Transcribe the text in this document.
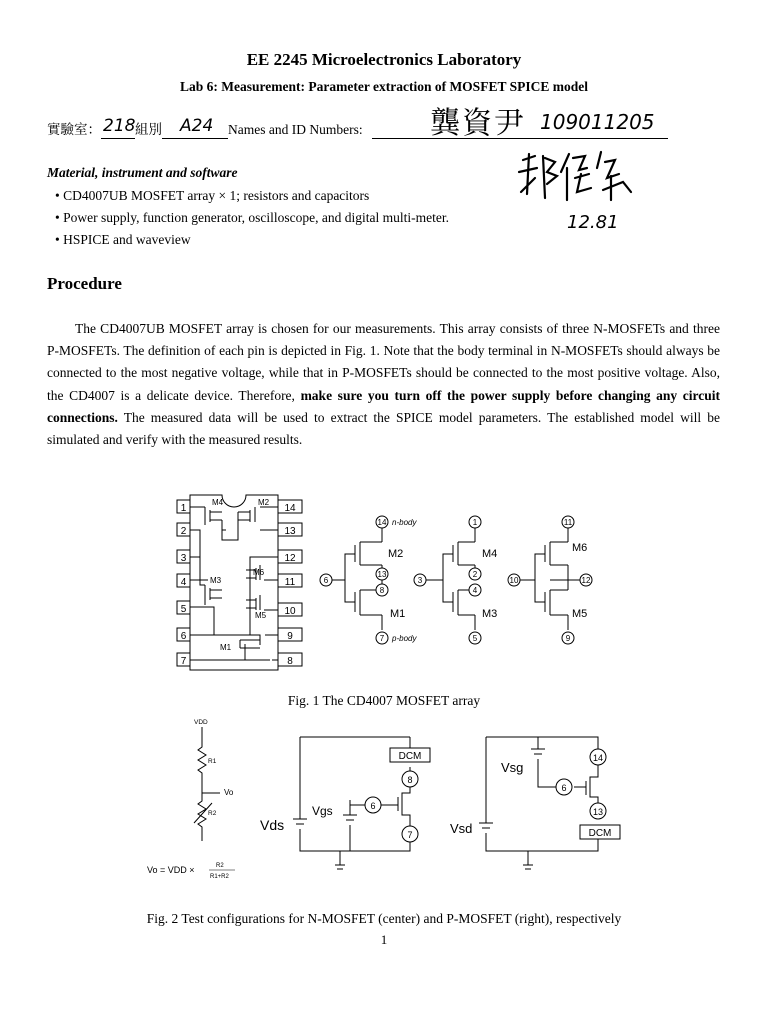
EE 2245 Microelectronics Laboratory
Lab 6: Measurement: Parameter extraction of MOSFET SPICE model
實驗室： 218 組別 A24 Names and ID Numbers:	龔資尹 109011205
12.81
Material, instrument and software
• CD4007UB MOSFET array × 1; resistors and capacitors
• Power supply, function generator, oscilloscope, and digital multi-meter.
• HSPICE and waveview
Procedure

The CD4007UB MOSFET array is chosen for our measurements. This array consists of three N-MOSFETs and three P-MOSFETs. The definition of each pin is depicted in Fig. 1. Note that the body terminal in N-MOSFETs should always be connected to the most negative voltage, while that in P-MOSFETs should be connected to the most positive voltage. Also, the CD4007 is a delicate device. Therefore, make sure you turn off the power supply before changing any circuit connections. The measured data will be used to extract the SPICE model parameters. The established model will be simulated and verify with the measured results.

1
2
3
4
5
6
7
14
13
12
11
10
9
8
M4	M2
M3
M6
M5
M1
14 n-body
13
6
8
7 p-body
M2
M1
1
2
3
4
5
M4
M3
11
10	12
9
M6
M5
Fig. 1 The CD4007 MOSFET array
VDD
R1
Vo
R2
Vo = VDD ×	R2
R1+R2
DCM
8
6
7
Vds
Vgs
14
6
13
DCM
Vsg
Vsd
Fig. 2 Test configurations for N-MOSFET (center) and P-MOSFET (right), respectively
1
